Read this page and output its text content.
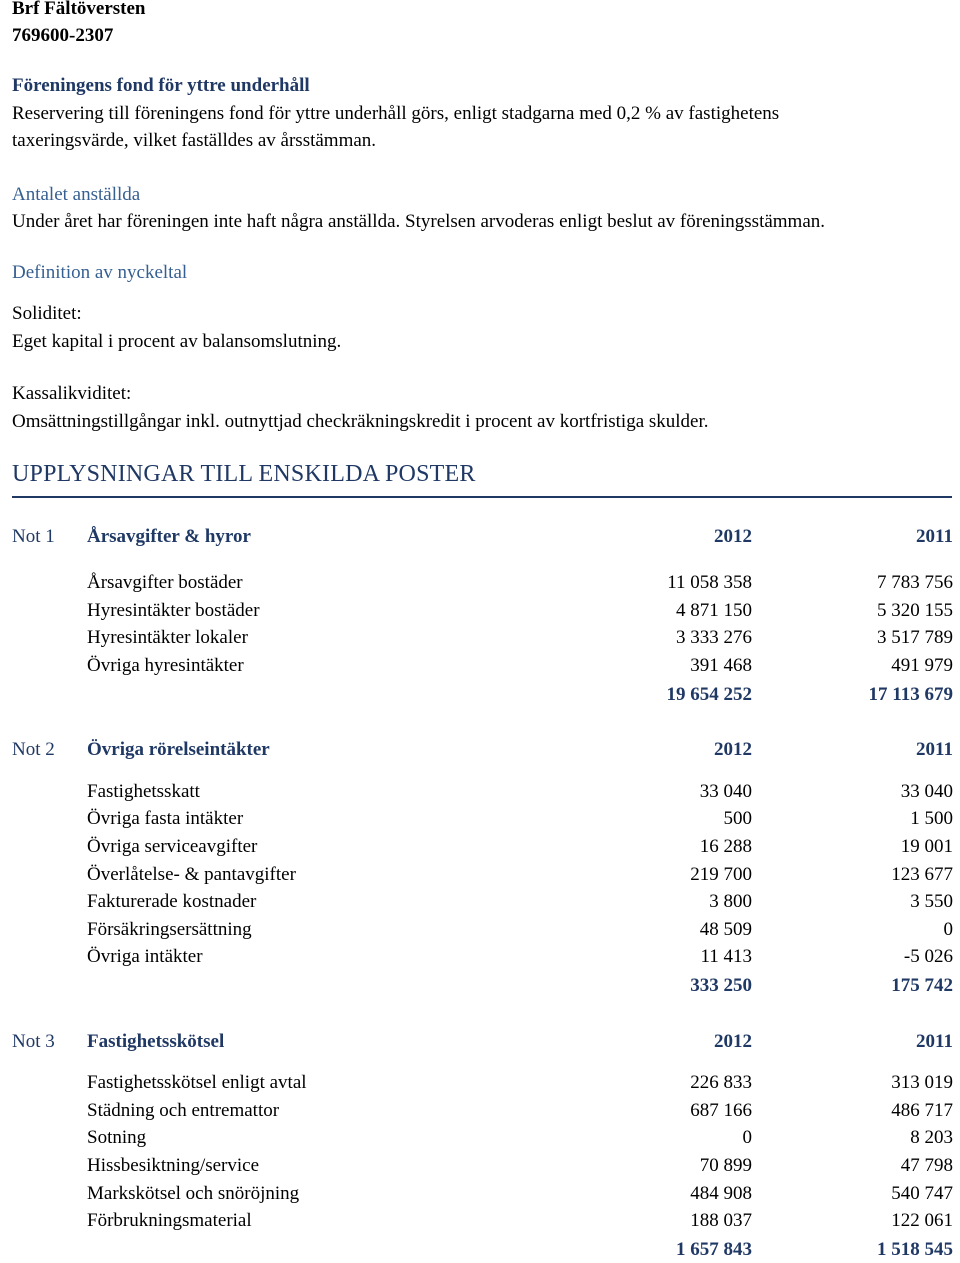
Brf Fältöversten
769600-2307
Föreningens fond för yttre underhåll
Reservering till föreningens fond för yttre underhåll görs, enligt stadgarna med 0,2 % av fastighetens
taxeringsvärde, vilket faställdes av årsstämman.
Antalet anställda
Under året har föreningen inte haft några anställda. Styrelsen arvoderas enligt beslut av föreningsstämman.
Definition av nyckeltal
Soliditet:
Eget kapital i procent av balansomslutning.
Kassalikviditet:
Omsättningstillgångar inkl. outnyttjad checkräkningskredit i procent av kortfristiga skulder.
UPPLYSNINGAR TILL ENSKILDA POSTER
Not 1 Årsavgifter & hyror	2012	2011
Årsavgifter bostäder	11 058 358	7 783 756
Hyresintäkter bostäder	4 871 150	5 320 155
Hyresintäkter lokaler	3 333 276	3 517 789
Övriga hyresintäkter	391 468	491 979
19 654 252	17 113 679
Not 2 Övriga rörelseintäkter	2012	2011
Fastighetsskatt	33 040	33 040
Övriga fasta intäkter	500	1 500
Övriga serviceavgifter	16 288	19 001
Överlåtelse- & pantavgifter	219 700	123 677
Fakturerade kostnader	3 800	3 550
Försäkringsersättning	48 509	0
Övriga intäkter	11 413	-5 026
333 250	175 742
Not 3 Fastighetsskötsel	2012	2011
Fastighetsskötsel enligt avtal	226 833	313 019
Städning och entremattor	687 166	486 717
Sotning	0	8 203
Hissbesiktning/service	70 899	47 798
Markskötsel och snöröjning	484 908	540 747
Förbrukningsmaterial	188 037	122 061
1 657 843	1 518 545
